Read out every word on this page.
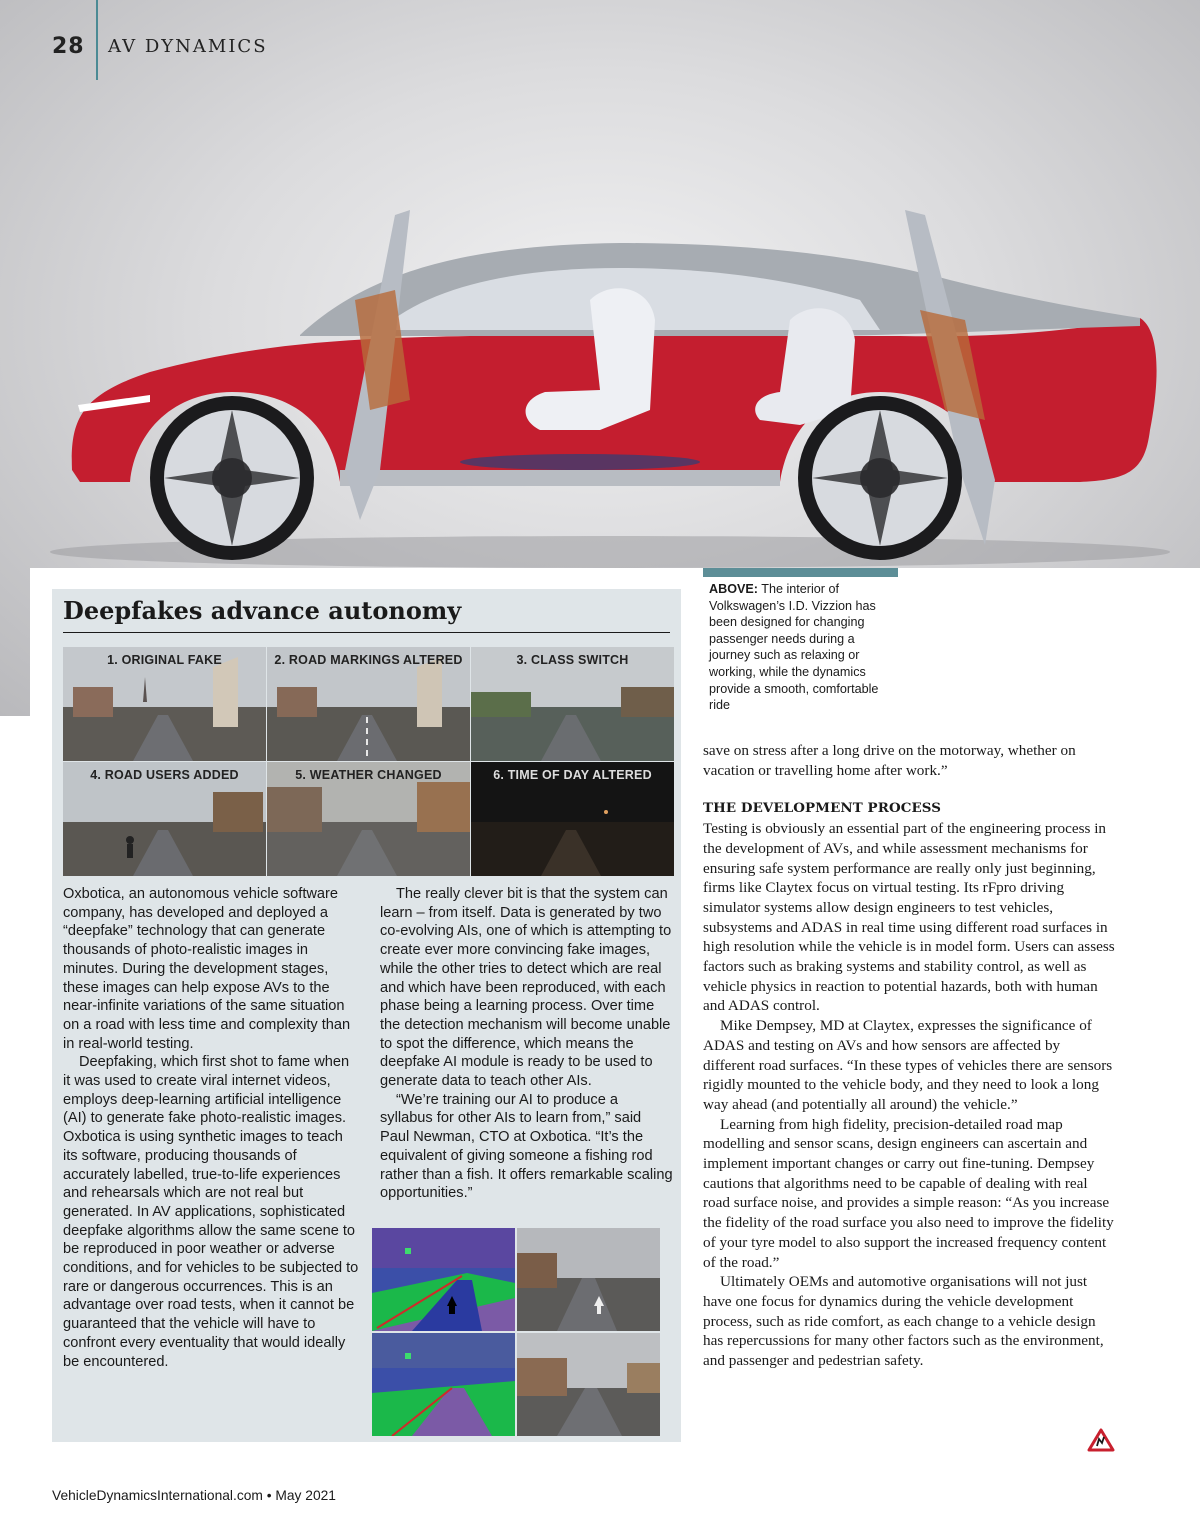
28 AV DYNAMICS
Deepfakes advance autonomy
1. ORIGINAL FAKE	2. ROAD MARKINGS ALTERED	3. CLASS SWITCH
4. ROAD USERS ADDED	5. WEATHER CHANGED	6. TIME OF DAY ALTERED

Oxbotica, an autonomous vehicle software company, has developed and deployed a “deepfake” technology that can generate thousands of photo-realistic images in minutes. During the development stages, these images can help expose AVs to the near-infinite variations of the same situation on a road with less time and complexity than in real-world testing.

Deepfaking, which first shot to fame when it was used to create viral internet videos, employs deep-learning artificial intelligence (AI) to generate fake photo-realistic images. Oxbotica is using synthetic images to teach its software, producing thousands of accurately labelled, true-to-life experiences and rehearsals which are not real but generated. In AV applications, sophisticated deepfake algorithms allow the same scene to be reproduced in poor weather or adverse conditions, and for vehicles to be subjected to rare or dangerous occurrences. This is an advantage over road tests, when it cannot be guaranteed that the vehicle will have to confront every eventuality that would ideally be encountered.

The really clever bit is that the system can learn – from itself. Data is generated by two co-evolving AIs, one of which is attempting to create ever more convincing fake images, while the other tries to detect which are real and which have been reproduced, with each phase being a learning process. Over time the detection mechanism will become unable to spot the difference, which means the deepfake AI module is ready to be used to generate data to teach other AIs.

“We’re training our AI to produce a syllabus for other AIs to learn from,” said Paul Newman, CTO at Oxbotica. “It’s the equivalent of giving someone a fishing rod rather than a fish. It offers remarkable scaling opportunities.”

ABOVE: The interior of Volkswagen’s I.D. Vizzion has been designed for changing passenger needs during a journey such as relaxing or working, while the dynamics provide a smooth, comfortable ride

save on stress after a long drive on the motorway, whether on vacation or travelling home after work.”

THE DEVELOPMENT PROCESS

Testing is obviously an essential part of the engineering process in the development of AVs, and while assessment mechanisms for ensuring safe system performance are really only just beginning, firms like Claytex focus on virtual testing. Its rFpro driving simulator systems allow design engineers to test vehicles, subsystems and ADAS in real time using different road surfaces in high resolution while the vehicle is in model form. Users can assess factors such as braking systems and stability control, as well as vehicle physics in reaction to potential hazards, both with human and ADAS control.

Mike Dempsey, MD at Claytex, expresses the significance of ADAS and testing on AVs and how sensors are affected by different road surfaces. “In these types of vehicles there are sensors rigidly mounted to the vehicle body, and they need to look a long way ahead (and potentially all around) the vehicle.”

Learning from high fidelity, precision-detailed road map modelling and sensor scans, design engineers can ascertain and implement important changes or carry out fine-tuning. Dempsey cautions that algorithms need to be capable of dealing with real road surface noise, and provides a simple reason: “As you increase the fidelity of the road surface you also need to improve the fidelity of your tyre model to also support the increased frequency content of the road.”

Ultimately OEMs and automotive organisations will not just have one focus for dynamics during the vehicle development process, such as ride comfort, as each change to a vehicle design has repercussions for many other factors such as the environment, and passenger and pedestrian safety.

VehicleDynamicsInternational.com • May 2021
